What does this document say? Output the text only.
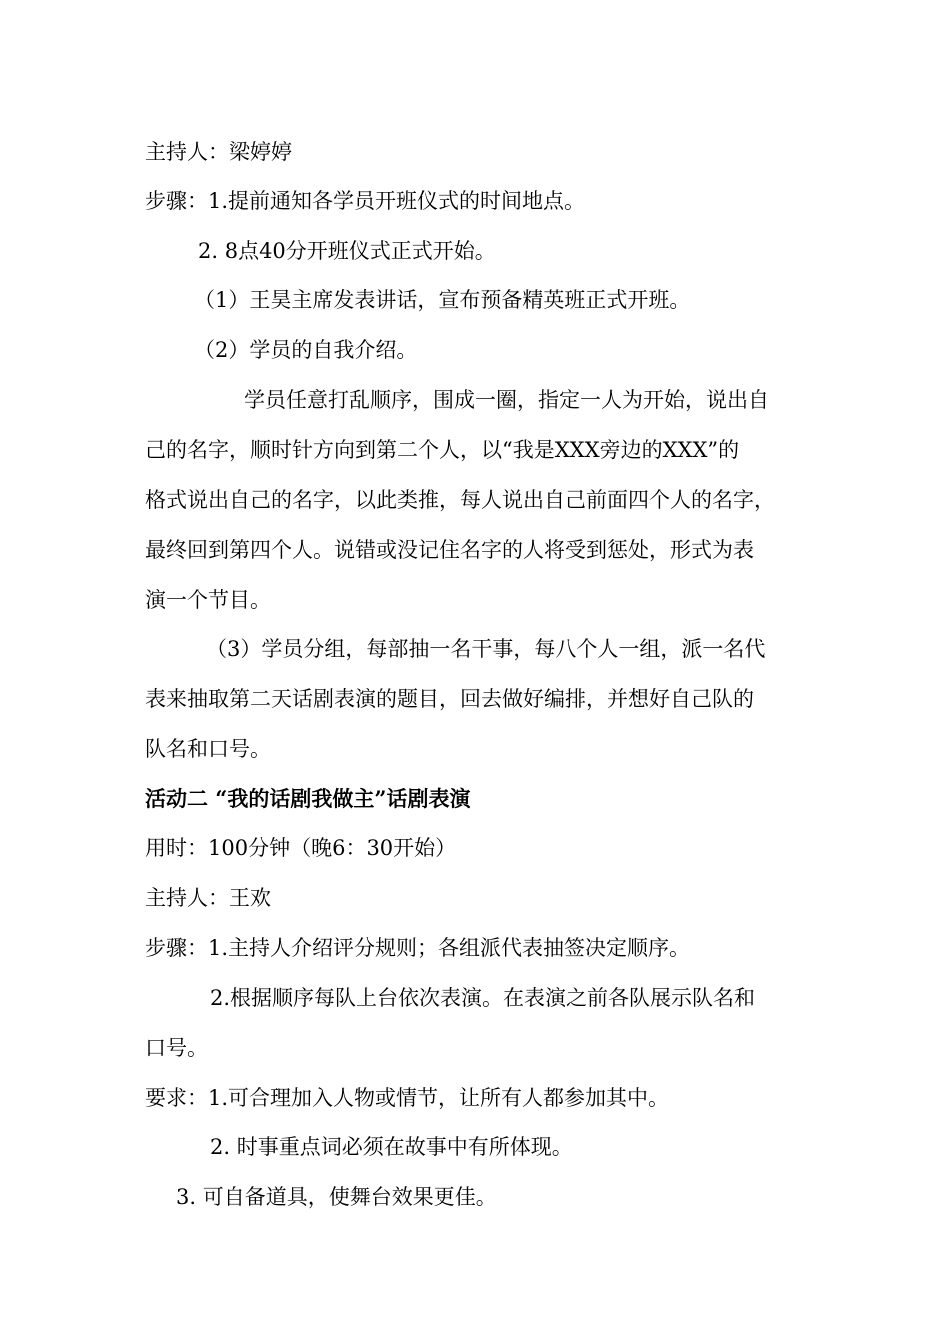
主持人：梁婷婷
步骤：1.提前通知各学员开班仪式的时间地点。
2. 8点40分开班仪式正式开始。
（1）王昊主席发表讲话，宣布预备精英班正式开班。
（2）学员的自我介绍。
学员任意打乱顺序，围成一圈，指定一人为开始，说出自
己的名字，顺时针方向到第二个人，以“我是XXX旁边的XXX”的
格式说出自己的名字，以此类推，每人说出自己前面四个人的名字，
最终回到第四个人。说错或没记住名字的人将受到惩处，形式为表
演一个节目。
（3）学员分组，每部抽一名干事，每八个人一组，派一名代
表来抽取第二天话剧表演的题目，回去做好编排，并想好自己队的
队名和口号。
活动二 “我的话剧我做主”话剧表演
用时：100分钟（晚6：30开始）
主持人：王欢
步骤：1.主持人介绍评分规则；各组派代表抽签决定顺序。
2.根据顺序每队上台依次表演。在表演之前各队展示队名和
口号。
要求：1.可合理加入人物或情节，让所有人都参加其中。
2. 时事重点词必须在故事中有所体现。
3. 可自备道具，使舞台效果更佳。
